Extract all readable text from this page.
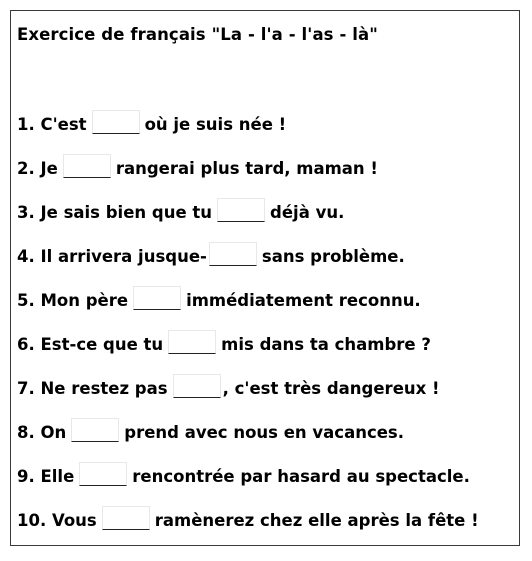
Exercice de français "La - l'a - l'as - là"
1. C'est	où je suis née !
2. Je	rangerai plus tard, maman !
3. Je sais bien que tu	déjà vu.
4. Il arrivera jusque-	sans problème.
5. Mon père	immédiatement reconnu.
6. Est-ce que tu	mis dans ta chambre ?
7. Ne restez pas	, c'est très dangereux !
8. On	prend avec nous en vacances.
9. Elle	rencontrée par hasard au spectacle.
10. Vous	ramènerez chez elle après la fête !
